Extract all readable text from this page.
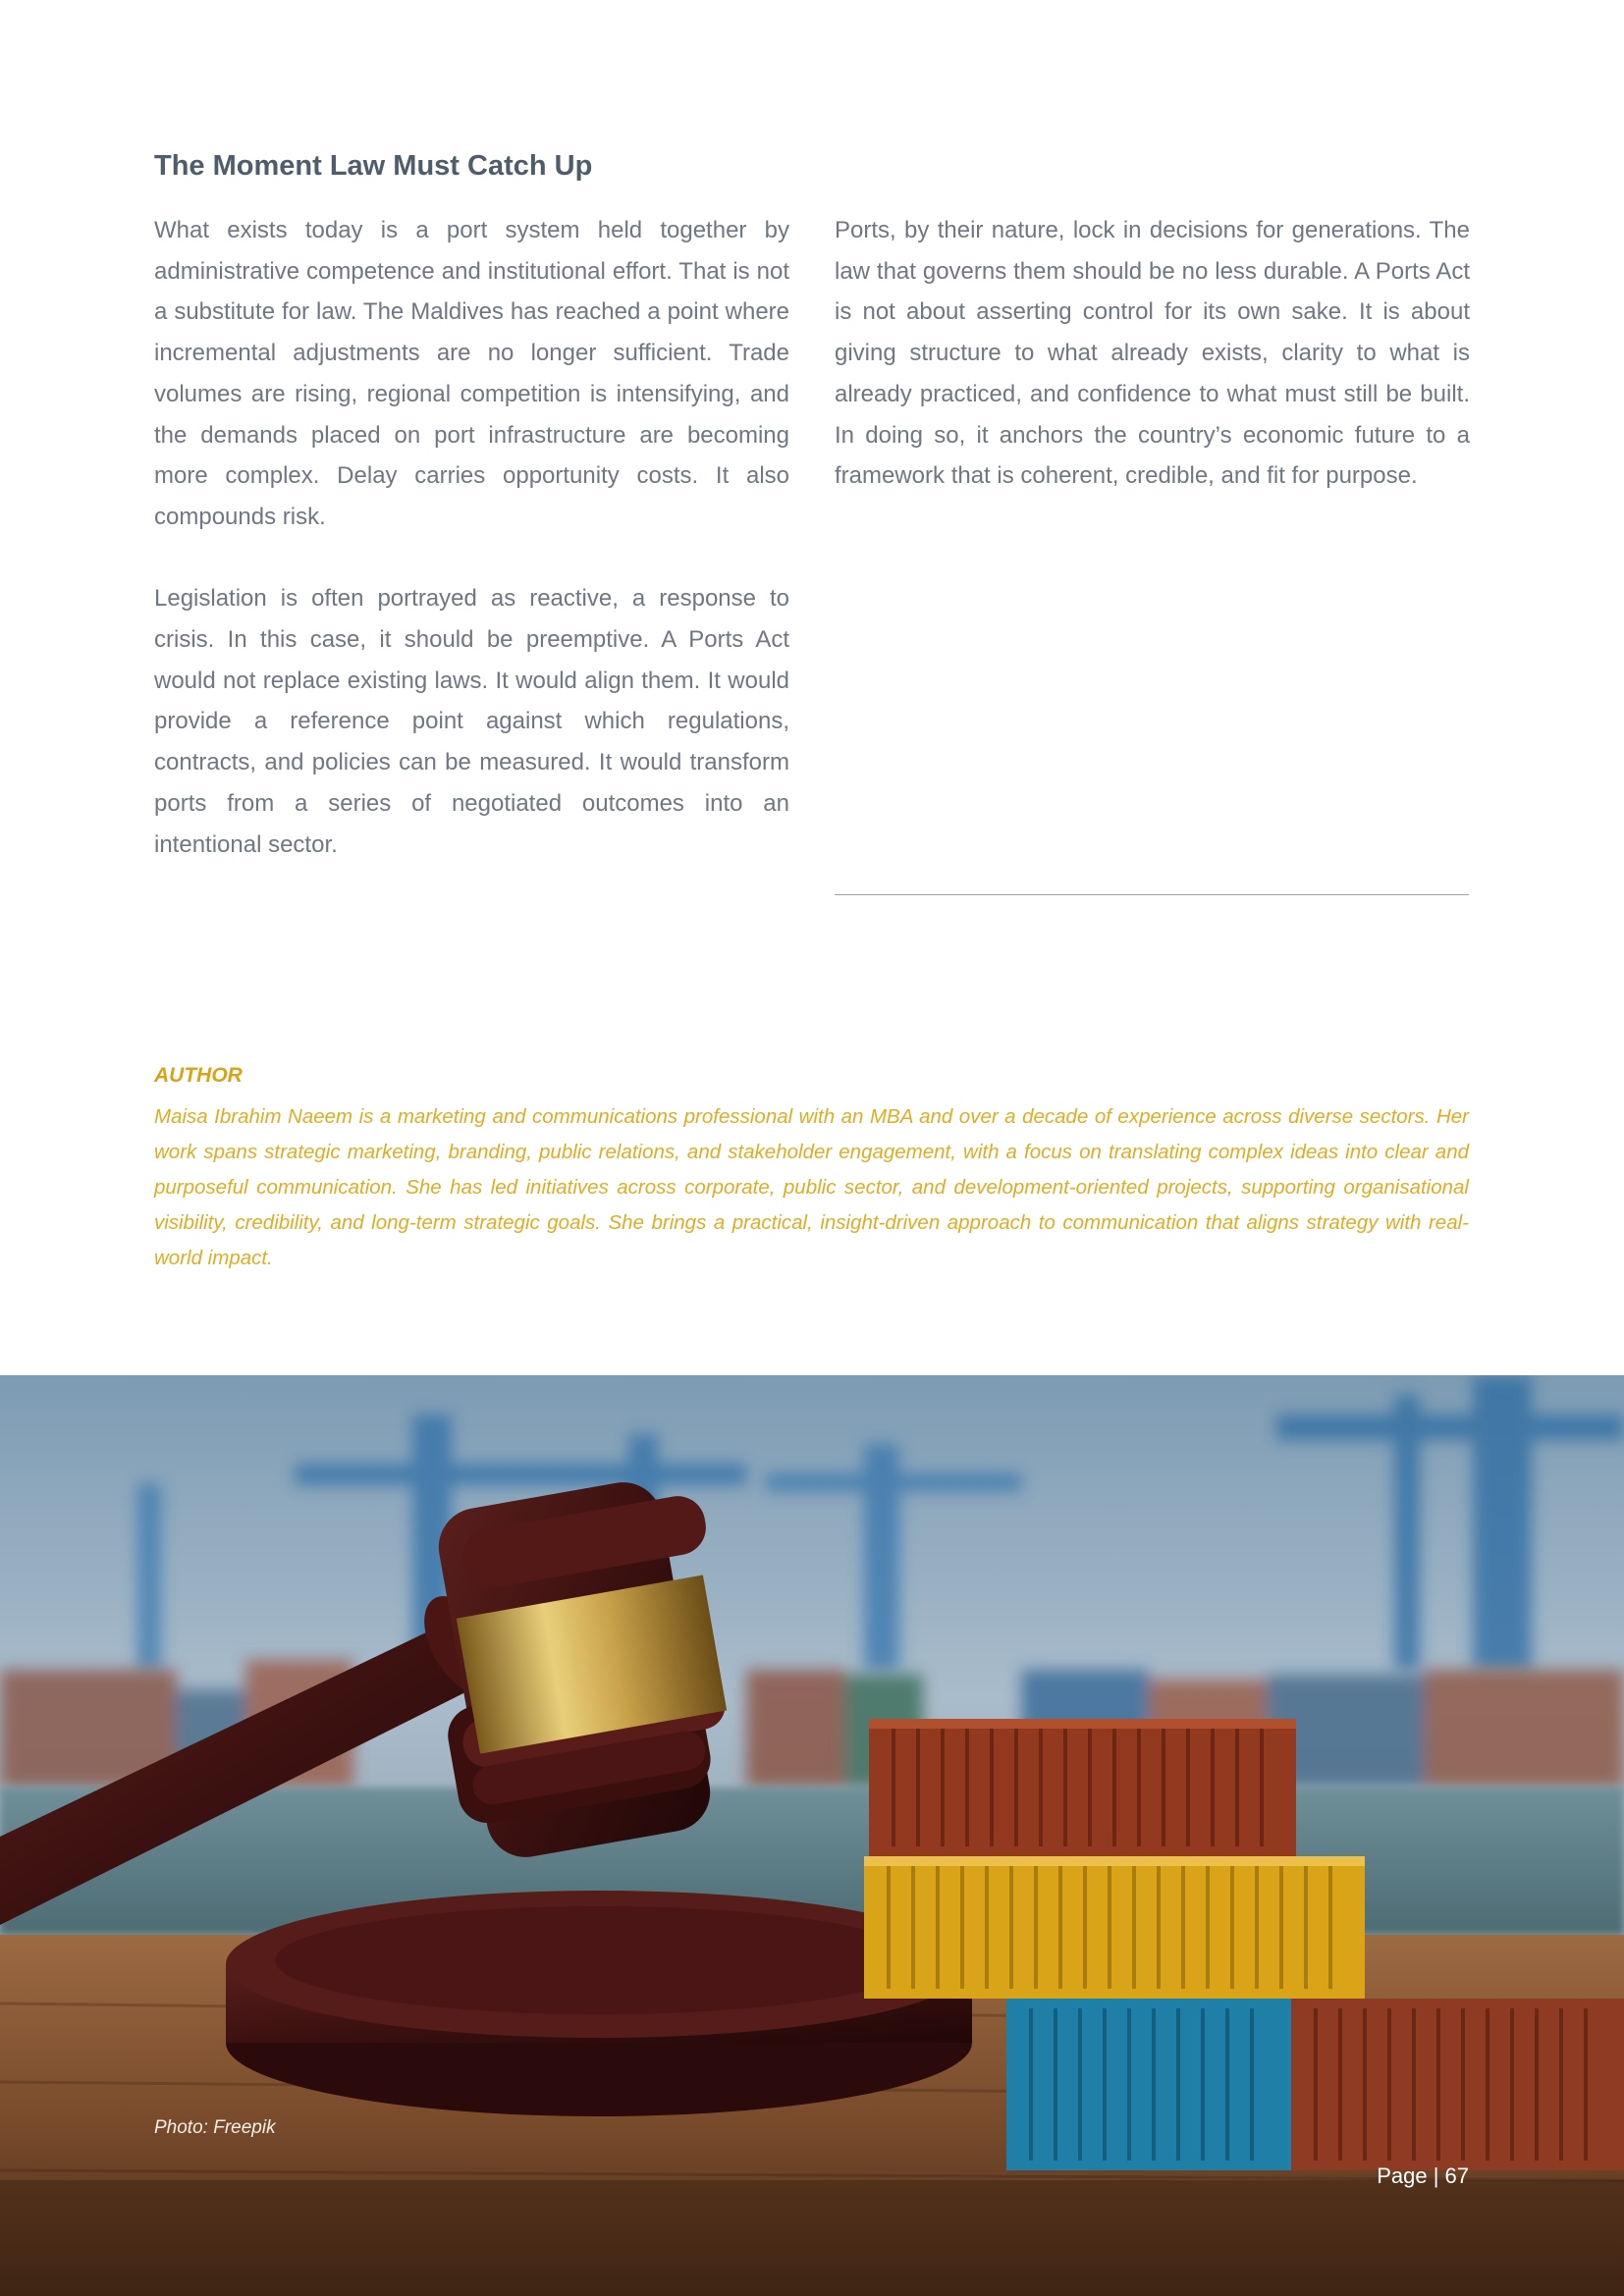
The Moment Law Must Catch Up

What exists today is a port system held together by administrative competence and institutional effort. That is not a substitute for law. The Maldives has reached a point where incremental adjustments are no longer sufficient. Trade volumes are rising, regional competition is intensifying, and the demands placed on port infrastructure are becoming more complex. Delay carries opportunity costs. It also compounds risk.

Legislation is often portrayed as reactive, a response to crisis. In this case, it should be preemptive. A Ports Act would not replace existing laws. It would align them. It would provide a reference point against which regulations, contracts, and policies can be measured. It would transform ports from a series of negotiated outcomes into an intentional sector.

Ports, by their nature, lock in decisions for generations. The law that governs them should be no less durable. A Ports Act is not about asserting control for its own sake. It is about giving structure to what already exists, clarity to what is already practiced, and confidence to what must still be built. In doing so, it anchors the country’s economic future to a framework that is coherent, credible, and fit for purpose.

AUTHOR

Maisa Ibrahim Naeem is a marketing and communications professional with an MBA and over a decade of experience across diverse sectors. Her work spans strategic marketing, branding, public relations, and stakeholder engagement, with a focus on translating complex ideas into clear and purposeful communication. She has led initiatives across corporate, public sector, and development-oriented projects, supporting organisational visibility, credibility, and long-term strategic goals. She brings a practical, insight-driven approach to communication that aligns strategy with real-world impact.

Photo: Freepik

Page | 67
